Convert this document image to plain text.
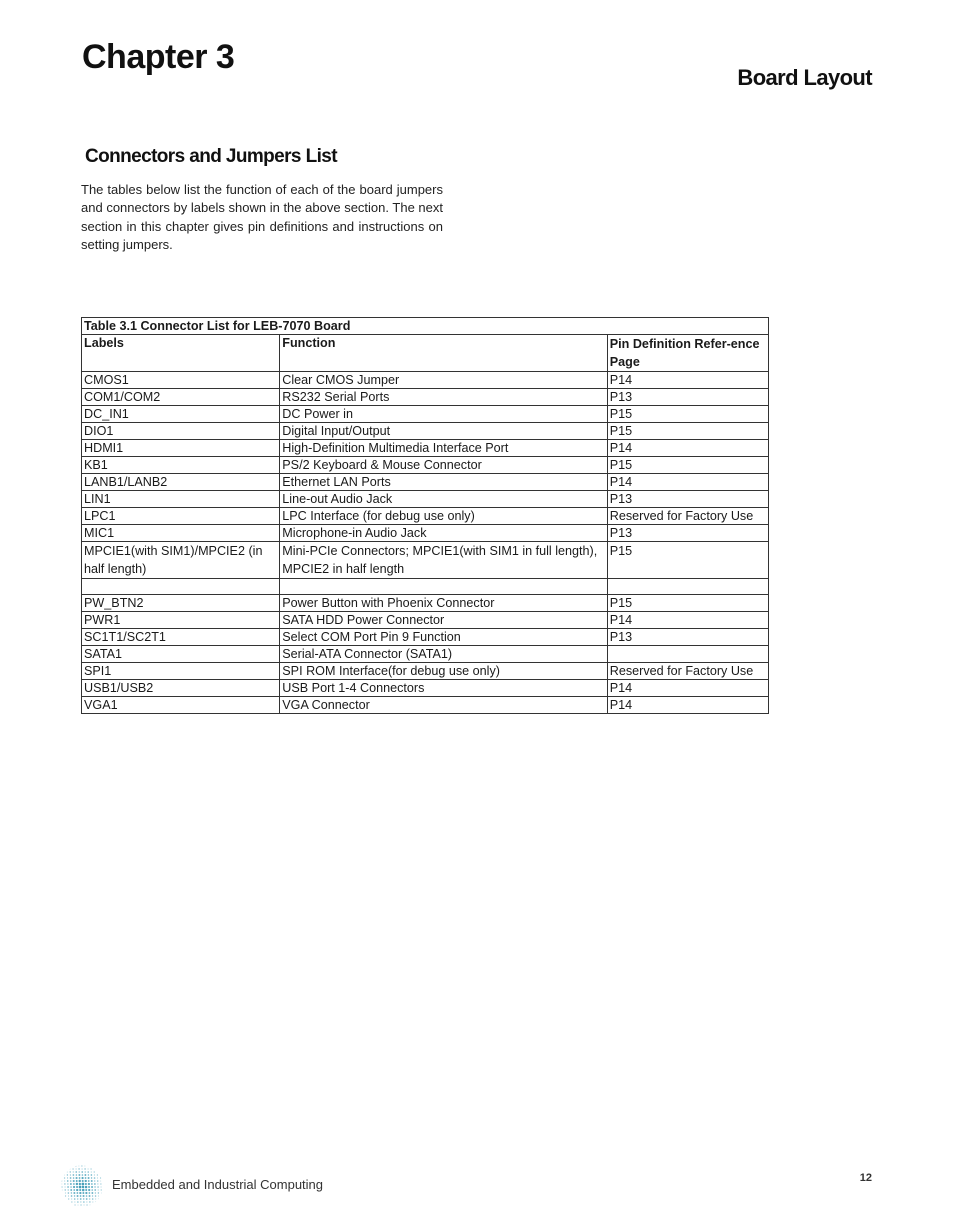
Chapter 3
Board Layout
Connectors and Jumpers List

The tables below list the function of each of the board jumpers and connectors by labels shown in the above section. The next section in this chapter gives pin definitions and instructions on setting jumpers.

Table 3.1 Connector List for LEB-7070 Board		
Labels	Function	Pin Definition Refer-ence Page
CMOS1	Clear CMOS Jumper	P14
COM1/COM2	RS232 Serial Ports	P13
DC_IN1	DC Power in	P15
DIO1	Digital Input/Output	P15
HDMI1	High-Definition Multimedia Interface Port	P14
KB1	PS/2 Keyboard & Mouse Connector	P15
LANB1/LANB2	Ethernet LAN Ports	P14
LIN1	Line-out Audio Jack	P13
LPC1	LPC Interface (for debug use only)	Reserved for Factory Use
MIC1	Microphone-in Audio Jack	P13
MPCIE1(with SIM1)/MPCIE2 (in half length)	Mini-PCIe Connectors; MPCIE1(with SIM1 in full length), MPCIE2 in half length	P15

PW_BTN2	Power Button with Phoenix Connector	P15
PWR1	SATA HDD Power Connector	P14
SC1T1/SC2T1	Select COM Port Pin 9 Function	P13
SATA1	Serial-ATA Connector (SATA1)	
SPI1	SPI ROM Interface(for debug use only)	Reserved for Factory Use
USB1/USB2	USB Port 1-4 Connectors	P14
VGA1	VGA Connector	P14
Embedded and Industrial Computing	12
